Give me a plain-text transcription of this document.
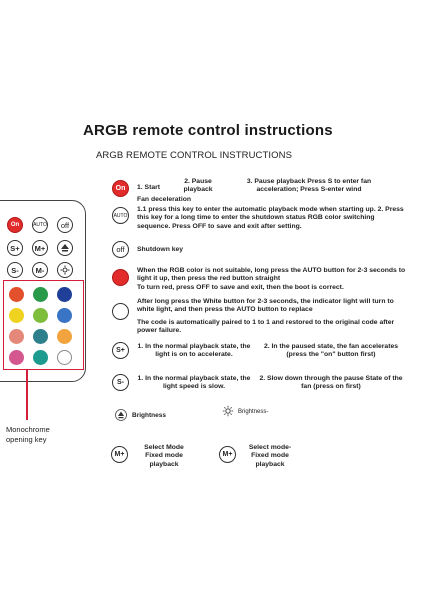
ARGB remote control instructions
ARGB REMOTE CONTROL INSTRUCTIONS
On	AUTO off
S+ M+
S- M-
Monochrome opening key
On 1. Start
2. Pause playback
3. Pause playback Press S to enter fan acceleration; Press S-enter wind
Fan deceleration
AUTO
1.1 press this key to enter the automatic playback mode when starting up. 2. Press this key for a long time to enter the shutdown status RGB color switching sequence. Press OFF to save and exit after setting.
off Shutdown key
When the RGB color is not suitable, long press the AUTO button for 2-3 seconds to light it up, then press the red button straight
To turn red, press OFF to save and exit, then the boot is correct.
After long press the White button for 2-3 seconds, the indicator light will turn to white light, and then press the AUTO button to replace
The code is automatically paired to 1 to 1 and restored to the original code after power failure.
S+
1. In the normal playback state, the light is on to accelerate.
2. In the paused state, the fan accelerates (press the "on" button first)
S-
1. In the normal playback state, the light speed is slow.
2. Slow down through the pause State of the fan (press on first)
Brightness	Brightness-
M+
Select Mode Fixed mode playback
M+
Select mode- Fixed mode playback
